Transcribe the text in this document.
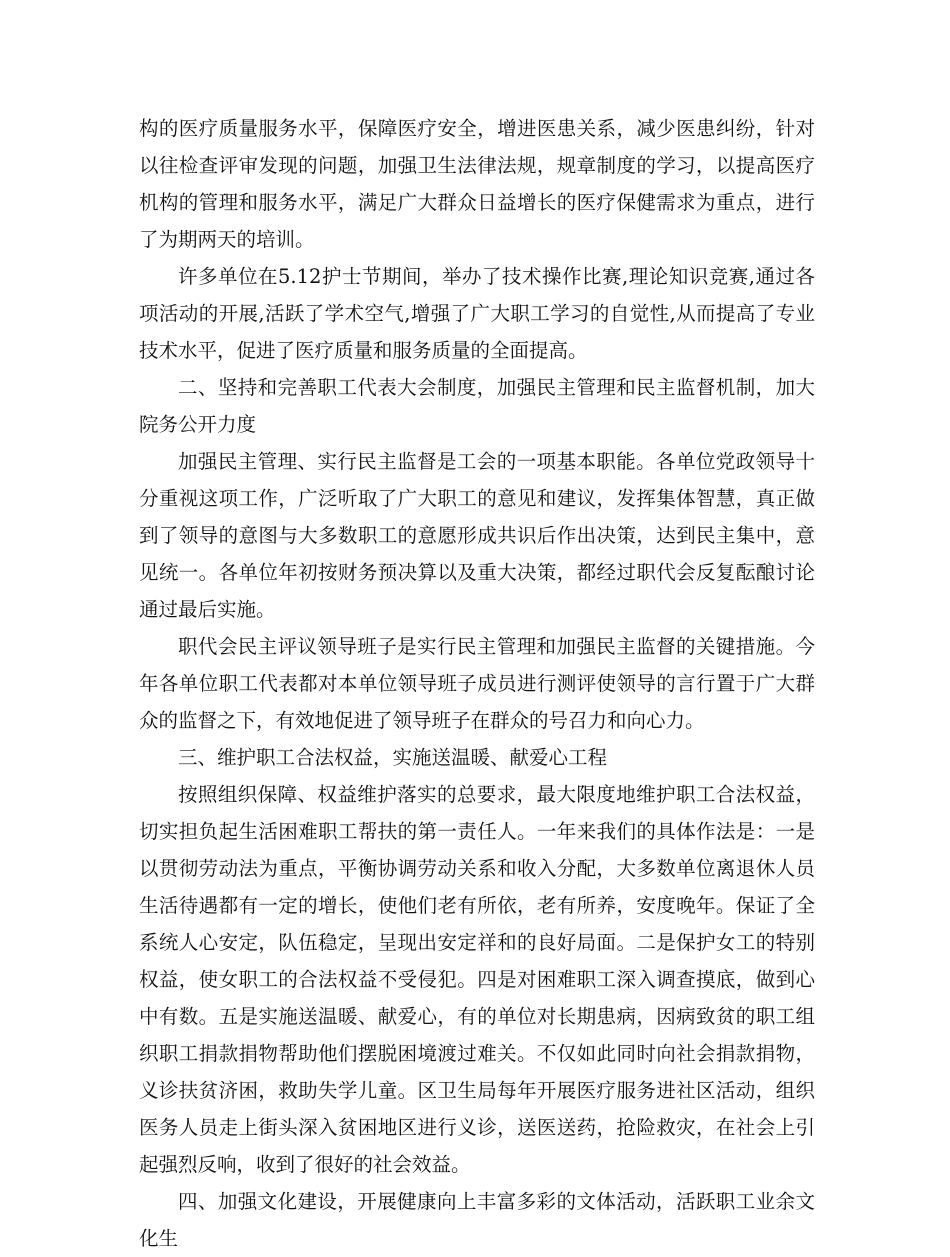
构的医疗质量服务水平，保障医疗安全，增进医患关系，减少医患纠纷，针对以往检查评审发现的问题，加强卫生法律法规，规章制度的学习，以提高医疗机构的管理和服务水平，满足广大群众日益增长的医疗保健需求为重点，进行了为期两天的培训。

许多单位在5.12护士节期间，举办了技术操作比赛,理论知识竞赛,通过各项活动的开展,活跃了学术空气,增强了广大职工学习的自觉性,从而提高了专业技术水平，促进了医疗质量和服务质量的全面提高。

二、坚持和完善职工代表大会制度，加强民主管理和民主监督机制，加大院务公开力度

加强民主管理、实行民主监督是工会的一项基本职能。各单位党政领导十分重视这项工作，广泛听取了广大职工的意见和建议，发挥集体智慧，真正做到了领导的意图与大多数职工的意愿形成共识后作出决策，达到民主集中，意见统一。各单位年初按财务预决算以及重大决策，都经过职代会反复酝酿讨论通过最后实施。

职代会民主评议领导班子是实行民主管理和加强民主监督的关键措施。今年各单位职工代表都对本单位领导班子成员进行测评使领导的言行置于广大群众的监督之下，有效地促进了领导班子在群众的号召力和向心力。

三、维护职工合法权益，实施送温暖、献爱心工程

按照组织保障、权益维护落实的总要求，最大限度地维护职工合法权益，切实担负起生活困难职工帮扶的第一责任人。一年来我们的具体作法是：一是以贯彻劳动法为重点，平衡协调劳动关系和收入分配，大多数单位离退休人员生活待遇都有一定的增长，使他们老有所依，老有所养，安度晚年。保证了全系统人心安定，队伍稳定，呈现出安定祥和的良好局面。二是保护女工的特别权益，使女职工的合法权益不受侵犯。四是对困难职工深入调查摸底，做到心中有数。五是实施送温暖、献爱心，有的单位对长期患病，因病致贫的职工组织职工捐款捐物帮助他们摆脱困境渡过难关。不仅如此同时向社会捐款捐物，义诊扶贫济困，救助失学儿童。区卫生局每年开展医疗服务进社区活动，组织医务人员走上街头深入贫困地区进行义诊，送医送药，抢险救灾，在社会上引起强烈反响，收到了很好的社会效益。

四、加强文化建设，开展健康向上丰富多彩的文体活动，活跃职工业余文化生
